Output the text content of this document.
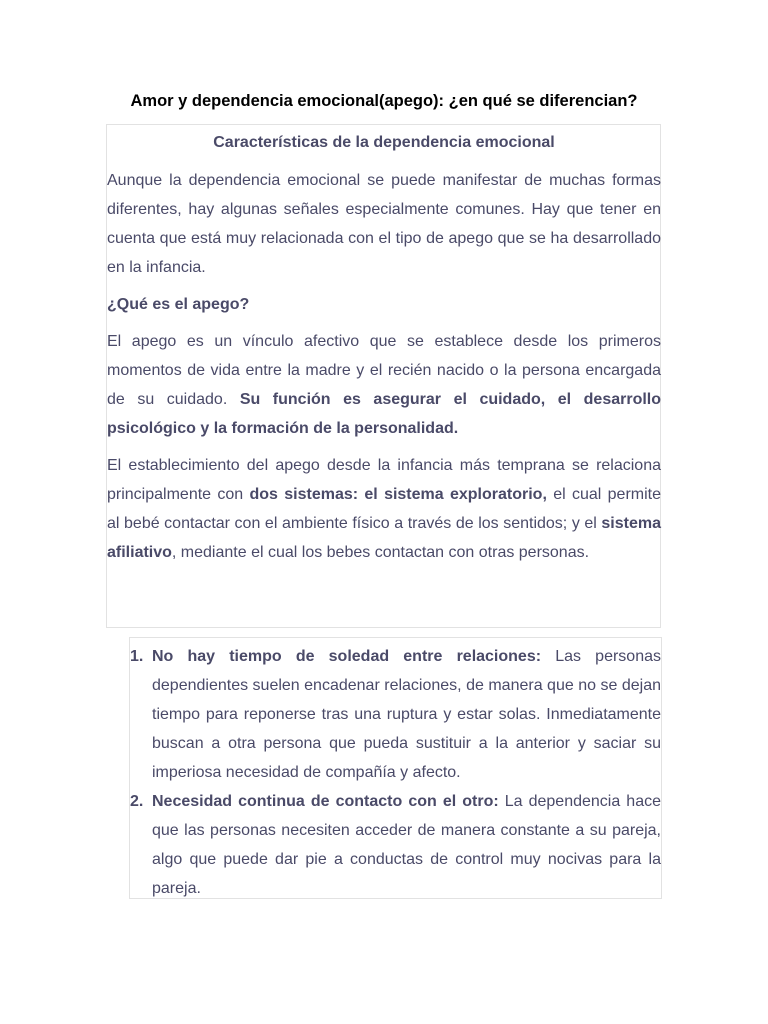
Amor y dependencia emocional(apego): ¿en qué se diferencian?

Características de la dependencia emocional

Aunque la dependencia emocional se puede manifestar de muchas formas diferentes, hay algunas señales especialmente comunes. Hay que tener en cuenta que está muy relacionada con el tipo de apego que se ha desarrollado en la infancia.

¿Qué es el apego?

El apego es un vínculo afectivo que se establece desde los primeros momentos de vida entre la madre y el recién nacido o la persona encargada de su cuidado. Su función es asegurar el cuidado, el desarrollo psicológico y la formación de la personalidad.

El establecimiento del apego desde la infancia más temprana se relaciona principalmente con dos sistemas: el sistema exploratorio, el cual permite al bebé contactar con el ambiente físico a través de los sentidos; y el sistema afiliativo, mediante el cual los bebes contactan con otras personas.

1. No hay tiempo de soledad entre relaciones: Las personas dependientes suelen encadenar relaciones, de manera que no se dejan tiempo para reponerse tras una ruptura y estar solas. Inmediatamente buscan a otra persona que pueda sustituir a la anterior y saciar su imperiosa necesidad de compañía y afecto.
2. Necesidad continua de contacto con el otro: La dependencia hace que las personas necesiten acceder de manera constante a su pareja, algo que puede dar pie a conductas de control muy nocivas para la pareja.
